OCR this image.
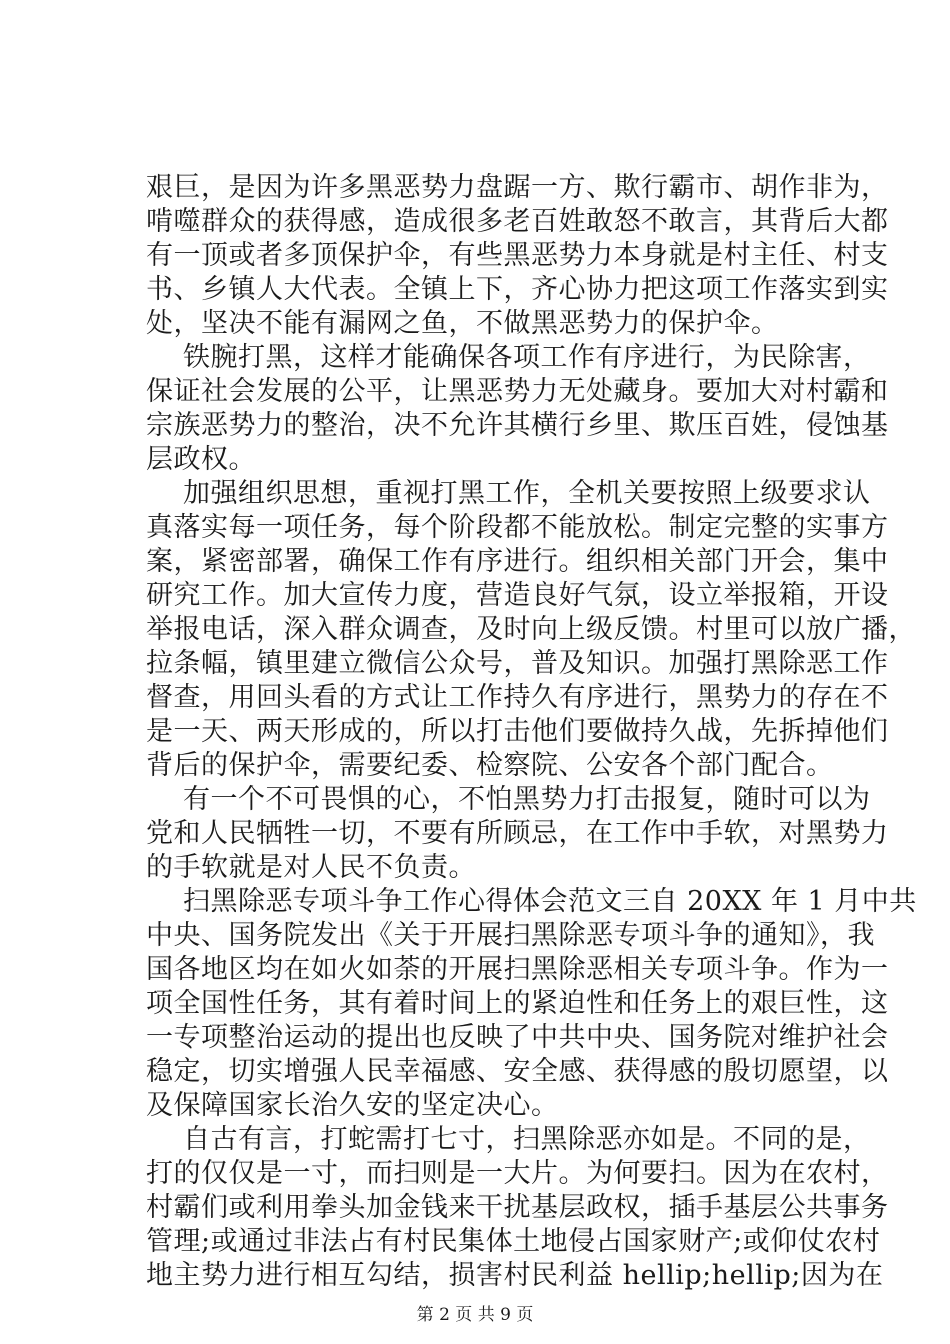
艰巨，是因为许多黑恶势力盘踞一方、欺行霸市、胡作非为，
啃噬群众的获得感，造成很多老百姓敢怒不敢言，其背后大都
有一顶或者多顶保护伞，有些黑恶势力本身就是村主任、村支
书、乡镇人大代表。全镇上下，齐心协力把这项工作落实到实
处，坚决不能有漏网之鱼，不做黑恶势力的保护伞。
铁腕打黑，这样才能确保各项工作有序进行，为民除害，
保证社会发展的公平，让黑恶势力无处藏身。要加大对村霸和
宗族恶势力的整治，决不允许其横行乡里、欺压百姓，侵蚀基
层政权。
加强组织思想，重视打黑工作，全机关要按照上级要求认
真落实每一项任务，每个阶段都不能放松。制定完整的实事方
案，紧密部署，确保工作有序进行。组织相关部门开会，集中
研究工作。加大宣传力度，营造良好气氛，设立举报箱，开设
举报电话，深入群众调查，及时向上级反馈。村里可以放广播，
拉条幅，镇里建立微信公众号，普及知识。加强打黑除恶工作
督查，用回头看的方式让工作持久有序进行，黑势力的存在不
是一天、两天形成的，所以打击他们要做持久战，先拆掉他们
背后的保护伞，需要纪委、检察院、公安各个部门配合。
有一个不可畏惧的心，不怕黑势力打击报复，随时可以为
党和人民牺牲一切，不要有所顾忌，在工作中手软，对黑势力
的手软就是对人民不负责。
扫黑除恶专项斗争工作心得体会范文三自 20XX 年 1 月中共
中央、国务院发出《关于开展扫黑除恶专项斗争的通知》，我
国各地区均在如火如荼的开展扫黑除恶相关专项斗争。作为一
项全国性任务，其有着时间上的紧迫性和任务上的艰巨性，这
一专项整治运动的提出也反映了中共中央、国务院对维护社会
稳定，切实增强人民幸福感、安全感、获得感的殷切愿望，以
及保障国家长治久安的坚定决心。
自古有言，打蛇需打七寸，扫黑除恶亦如是。不同的是，
打的仅仅是一寸，而扫则是一大片。为何要扫。因为在农村，
村霸们或利用拳头加金钱来干扰基层政权，插手基层公共事务
管理;或通过非法占有村民集体土地侵占国家财产;或仰仗农村
地主势力进行相互勾结，损害村民利益 hellip;hellip;因为在
第 2 页 共 9 页
